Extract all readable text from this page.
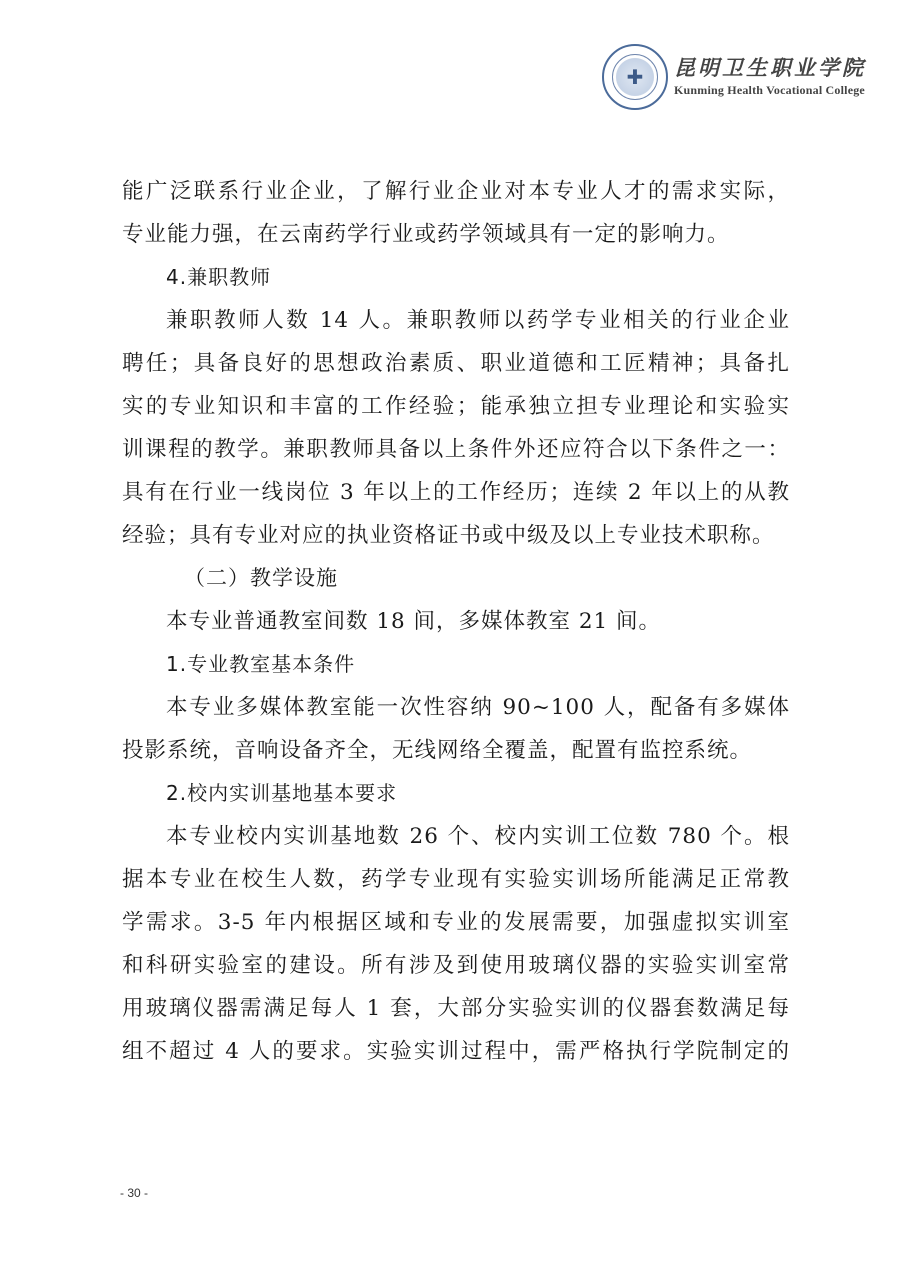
✚ 昆明卫生职业学院
Kunming Health Vocational College
能广泛联系行业企业，了解行业企业对本专业人才的需求实际，
专业能力强，在云南药学行业或药学领域具有一定的影响力。
4.兼职教师
兼职教师人数 14 人。兼职教师以药学专业相关的行业企业
聘任；具备良好的思想政治素质、职业道德和工匠精神；具备扎
实的专业知识和丰富的工作经验；能承独立担专业理论和实验实
训课程的教学。兼职教师具备以上条件外还应符合以下条件之一：
具有在行业一线岗位 3 年以上的工作经历；连续 2 年以上的从教
经验；具有专业对应的执业资格证书或中级及以上专业技术职称。
（二）教学设施
本专业普通教室间数 18 间，多媒体教室 21 间。
1.专业教室基本条件
本专业多媒体教室能一次性容纳 90~100 人，配备有多媒体
投影系统，音响设备齐全，无线网络全覆盖，配置有监控系统。
2.校内实训基地基本要求
本专业校内实训基地数 26 个、校内实训工位数 780 个。根
据本专业在校生人数，药学专业现有实验实训场所能满足正常教
学需求。3-5 年内根据区域和专业的发展需要，加强虚拟实训室
和科研实验室的建设。所有涉及到使用玻璃仪器的实验实训室常
用玻璃仪器需满足每人 1 套，大部分实验实训的仪器套数满足每
组不超过 4 人的要求。实验实训过程中，需严格执行学院制定的
- 30 -
